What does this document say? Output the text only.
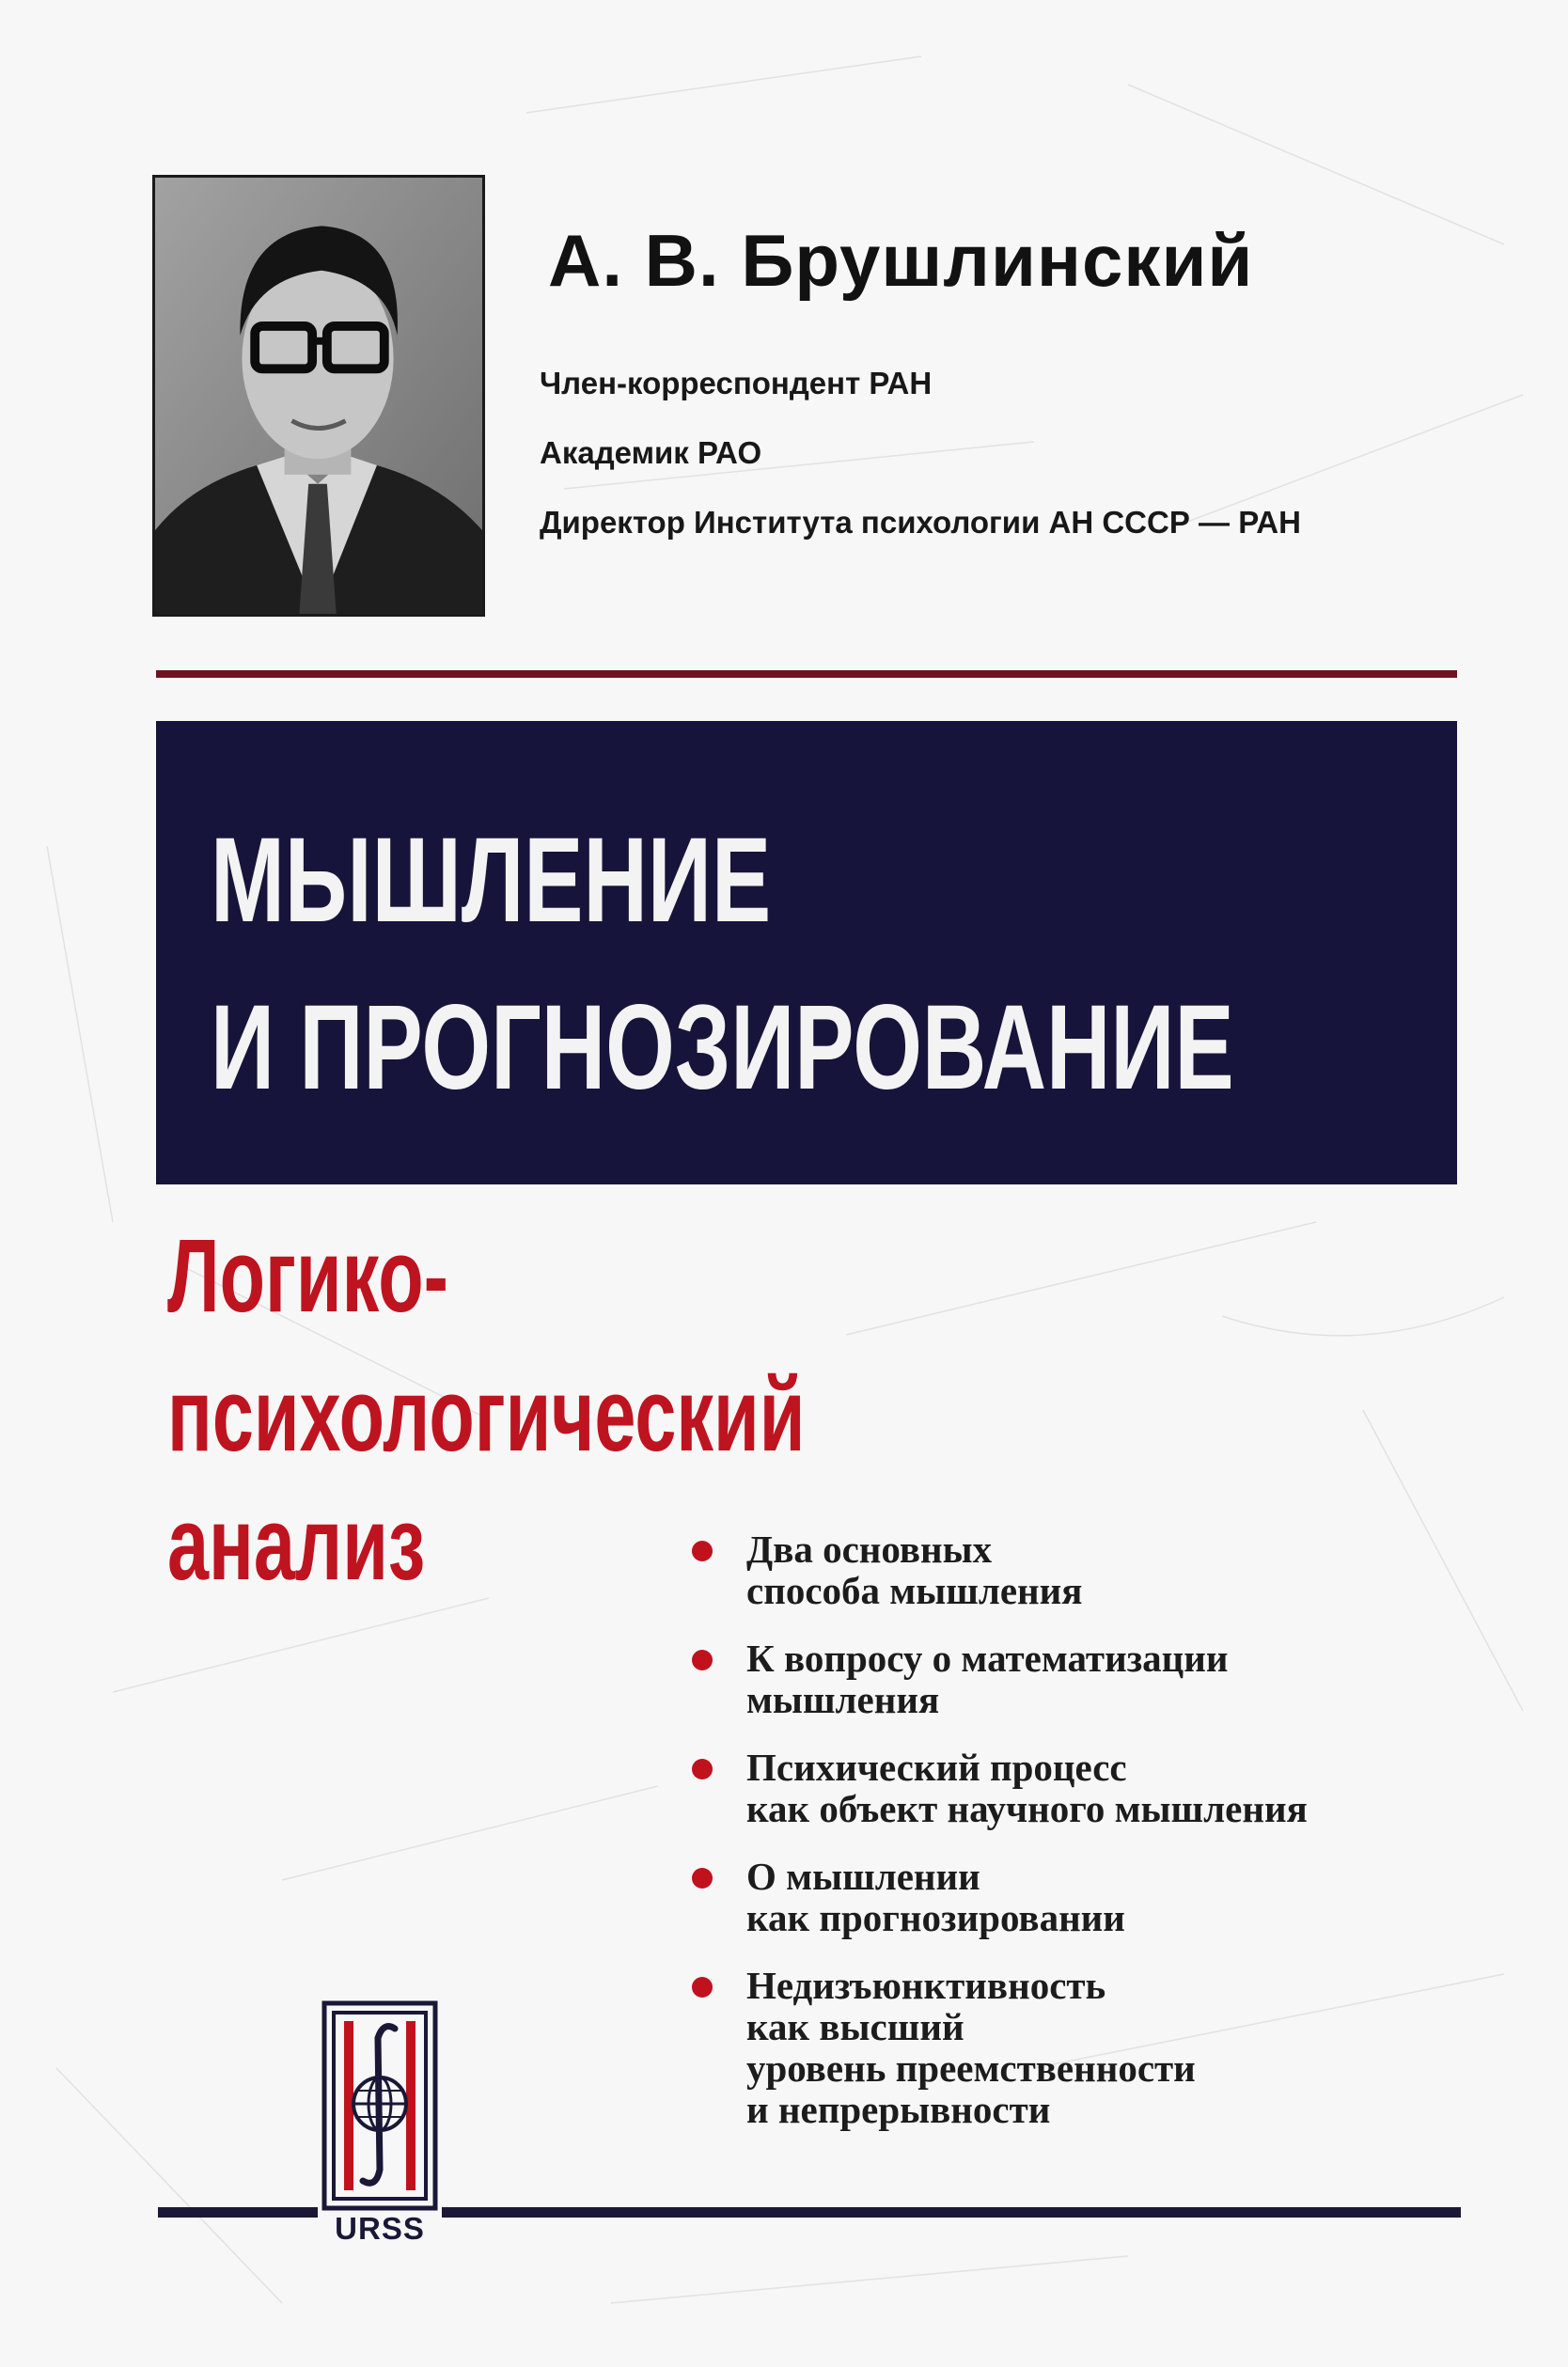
А. В. Брушлинский
Член-корреспондент РАН
Академик РАО
Директор Института психологии АН СССР — РАН
МЫШЛЕНИЕ
И ПРОГНОЗИРОВАНИЕ

Логико-

психологический

анализ	Два основных
способа мышления
К вопросу о математизации
мышления
Психический процесс
как объект научного мышления
О мышлении
как прогнозировании
Недизъюнктивность
как высший
уровень преемственности
и непрерывности
URSS
